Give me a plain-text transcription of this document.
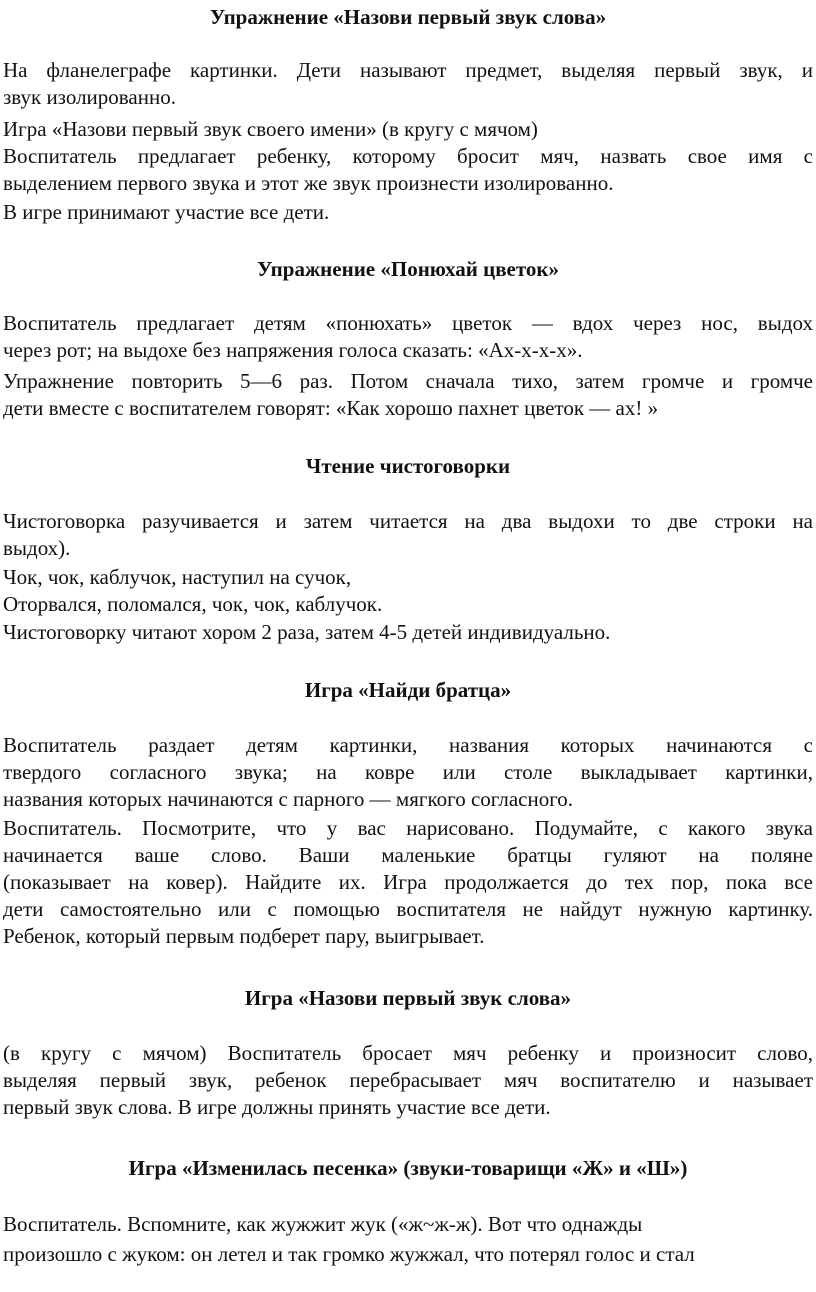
Упражнение «Назови первый звук слова»
На фланелеграфе картинки. Дети называют предмет, выделяя первый звук, и
звук изолированно.
Игра «Назови первый звук своего имени» (в кругу с мячом)
Воспитатель предлагает ребенку, которому бросит мяч, назвать свое имя с
выделением первого звука и этот же звук произнести изолированно.
В игре принимают участие все дети.
Упражнение «Понюхай цветок»
Воспитатель предлагает детям «понюхать» цветок — вдох через нос, выдох
через рот; на выдохе без напряжения голоса сказать: «Ах-х-х-х».
Упражнение повторить 5—6 раз. Потом сначала тихо, затем громче и громче
дети вместе с воспитателем говорят: «Как хорошо пахнет цветок — ах! »
Чтение чистоговорки
Чистоговорка разучивается и затем читается на два выдохи то две строки на
выдох).
Чок, чок, каблучок, наступил на сучок,
Оторвался, поломался, чок, чок, каблучок.
Чистоговорку читают хором 2 раза, затем 4-5 детей индивидуально.
Игра «Найди братца»
Воспитатель раздает детям картинки, названия которых начинаются с
твердого согласного звука; на ковре или столе выкладывает картинки,
названия которых начинаются с парного — мягкого согласного.
Воспитатель. Посмотрите, что у вас нарисовано. Подумайте, с какого звука
начинается ваше слово. Ваши маленькие братцы гуляют на поляне
(показывает на ковер). Найдите их. Игра продолжается до тех пор, пока все
дети самостоятельно или с помощью воспитателя не найдут нужную картинку.
Ребенок, который первым подберет пару, выигрывает.
Игра «Назови первый звук слова»
(в кругу с мячом) Воспитатель бросает мяч ребенку и произносит слово,
выделяя первый звук, ребенок перебрасывает мяч воспитателю и называет
первый звук слова. В игре должны принять участие все дети.
Игра «Изменилась песенка» (звуки-товарищи «Ж» и «Ш»)
Воспитатель. Вспомните, как жужжит жук («ж~ж-ж). Вот что однажды
произошло с жуком: он летел и так громко жужжал, что потерял голос и стал
